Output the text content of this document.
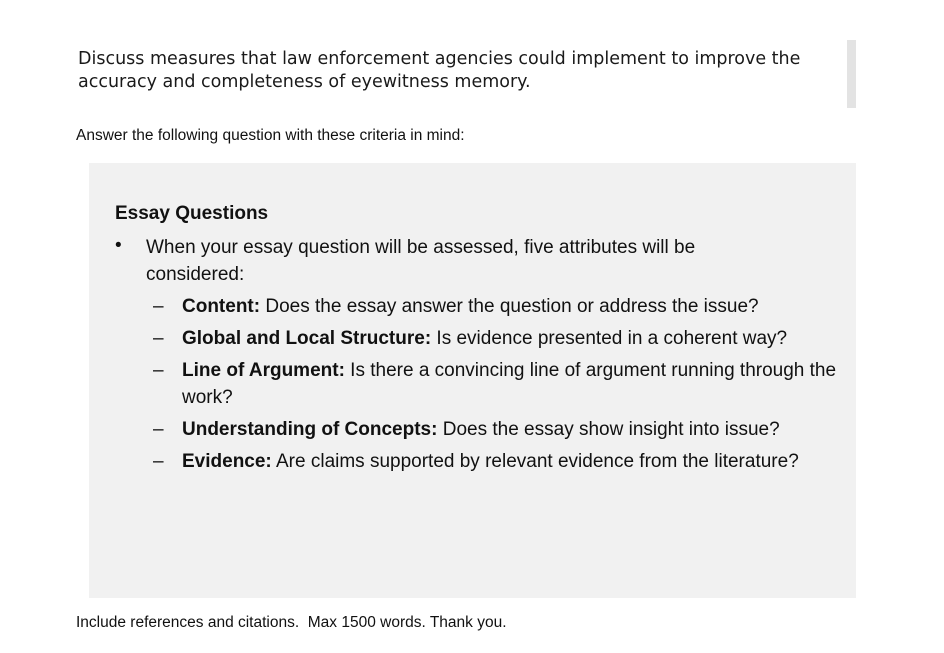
Discuss measures that law enforcement agencies could implement to improve the accuracy and completeness of eyewitness memory.
Answer the following question with these criteria in mind:
Essay Questions
• When your essay question will be assessed, five attributes will be considered:
– Content: Does the essay answer the question or address the issue?
– Global and Local Structure: Is evidence presented in a coherent way?
– Line of Argument: Is there a convincing line of argument running through the work?
– Understanding of Concepts: Does the essay show insight into issue?
– Evidence: Are claims supported by relevant evidence from the literature?
Include references and citations.  Max 1500 words. Thank you.
